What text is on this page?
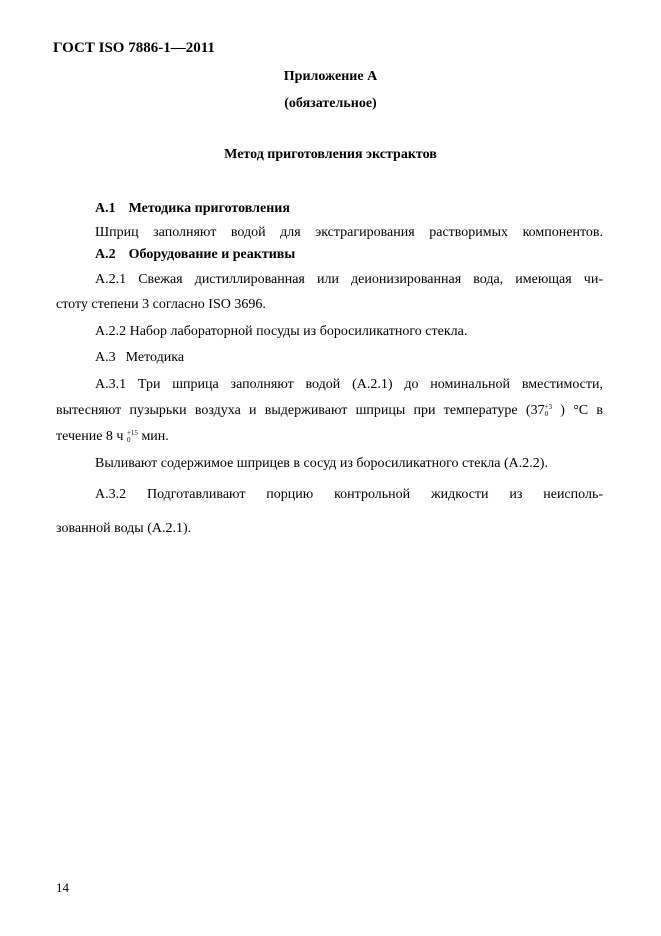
ГОСТ ISO 7886-1—2011
Приложение А
(обязательное)
Метод приготовления экстрактов
А.1 Методика приготовления
Шприц заполняют водой для экстрагирования растворимых компонентов.
А.2 Оборудование и реактивы
А.2.1 Свежая дистиллированная или деионизированная вода, имеющая чи-
стоту степени 3 согласно ISO 3696.
А.2.2 Набор лабораторной посуды из боросиликатного стекла.
А.3 Методика
А.3.1 Три шприца заполняют водой (А.2.1) до номинальной вместимости,
вытесняют пузырьки воздуха и выдерживают шприцы при температуре (37 +3
0 ) °С в
течение 8 ч +15
0 мин.
Выливают содержимое шприцев в сосуд из боросиликатного стекла (А.2.2).
А.3.2 Подготавливают порцию контрольной жидкости из неисполь-
зованной воды (А.2.1).
14
